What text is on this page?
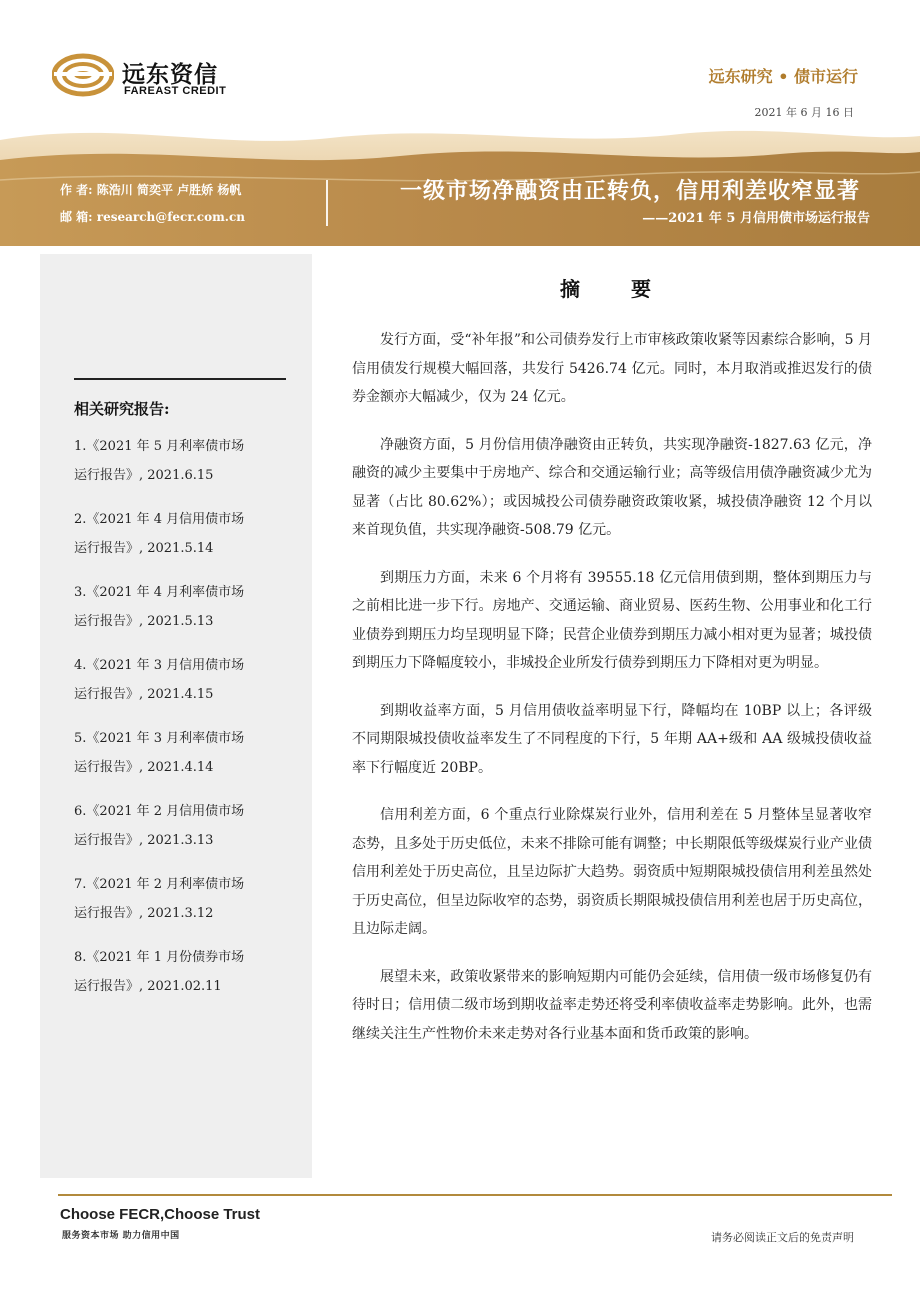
远东资信
FAREAST CREDIT
远东研究 • 债市运行
2021 年 6 月 16 日
作 者: 陈浩川 简奕平 卢胜娇 杨帆
邮 箱: research@fecr.com.cn
一级市场净融资由正转负，信用利差收窄显著
——2021 年 5 月信用债市场运行报告
相关研究报告:
1.《2021 年 5 月利率债市场
运行报告》, 2021.6.15
2.《2021 年 4 月信用债市场
运行报告》, 2021.5.14
3.《2021 年 4 月利率债市场
运行报告》, 2021.5.13
4.《2021 年 3 月信用债市场
运行报告》, 2021.4.15
5.《2021 年 3 月利率债市场
运行报告》, 2021.4.14
6.《2021 年 2 月信用债市场
运行报告》, 2021.3.13
7.《2021 年 2 月利率债市场
运行报告》, 2021.3.12
8.《2021 年 1 月份债券市场
运行报告》, 2021.02.11
摘 要

发行方面，受“补年报”和公司债券发行上市审核政策收紧等因素综合影响，5 月信用债发行规模大幅回落，共发行 5426.74 亿元。同时，本月取消或推迟发行的债券金额亦大幅减少，仅为 24 亿元。

净融资方面，5 月份信用债净融资由正转负，共实现净融资-1827.63 亿元，净融资的减少主要集中于房地产、综合和交通运输行业；高等级信用债净融资减少尤为显著（占比 80.62%）；或因城投公司债券融资政策收紧，城投债净融资 12 个月以来首现负值，共实现净融资-508.79 亿元。

到期压力方面，未来 6 个月将有 39555.18 亿元信用债到期，整体到期压力与之前相比进一步下行。房地产、交通运输、商业贸易、医药生物、公用事业和化工行业债券到期压力均呈现明显下降；民营企业债券到期压力减小相对更为显著；城投债到期压力下降幅度较小，非城投企业所发行债券到期压力下降相对更为明显。

到期收益率方面，5 月信用债收益率明显下行，降幅均在 10BP 以上；各评级不同期限城投债收益率发生了不同程度的下行，5 年期 AA+级和 AA 级城投债收益率下行幅度近 20BP。

信用利差方面，6 个重点行业除煤炭行业外，信用利差在 5 月整体呈显著收窄态势，且多处于历史低位，未来不排除可能有调整；中长期限低等级煤炭行业产业债信用利差处于历史高位，且呈边际扩大趋势。弱资质中短期限城投债信用利差虽然处于历史高位，但呈边际收窄的态势，弱资质长期限城投债信用利差也居于历史高位，且边际走阔。

展望未来，政策收紧带来的影响短期内可能仍会延续，信用债一级市场修复仍有待时日；信用债二级市场到期收益率走势还将受利率债收益率走势影响。此外，也需继续关注生产性物价未来走势对各行业基本面和货币政策的影响。

Choose FECR,Choose Trust
服务资本市场 助力信用中国	请务必阅读正文后的免责声明
